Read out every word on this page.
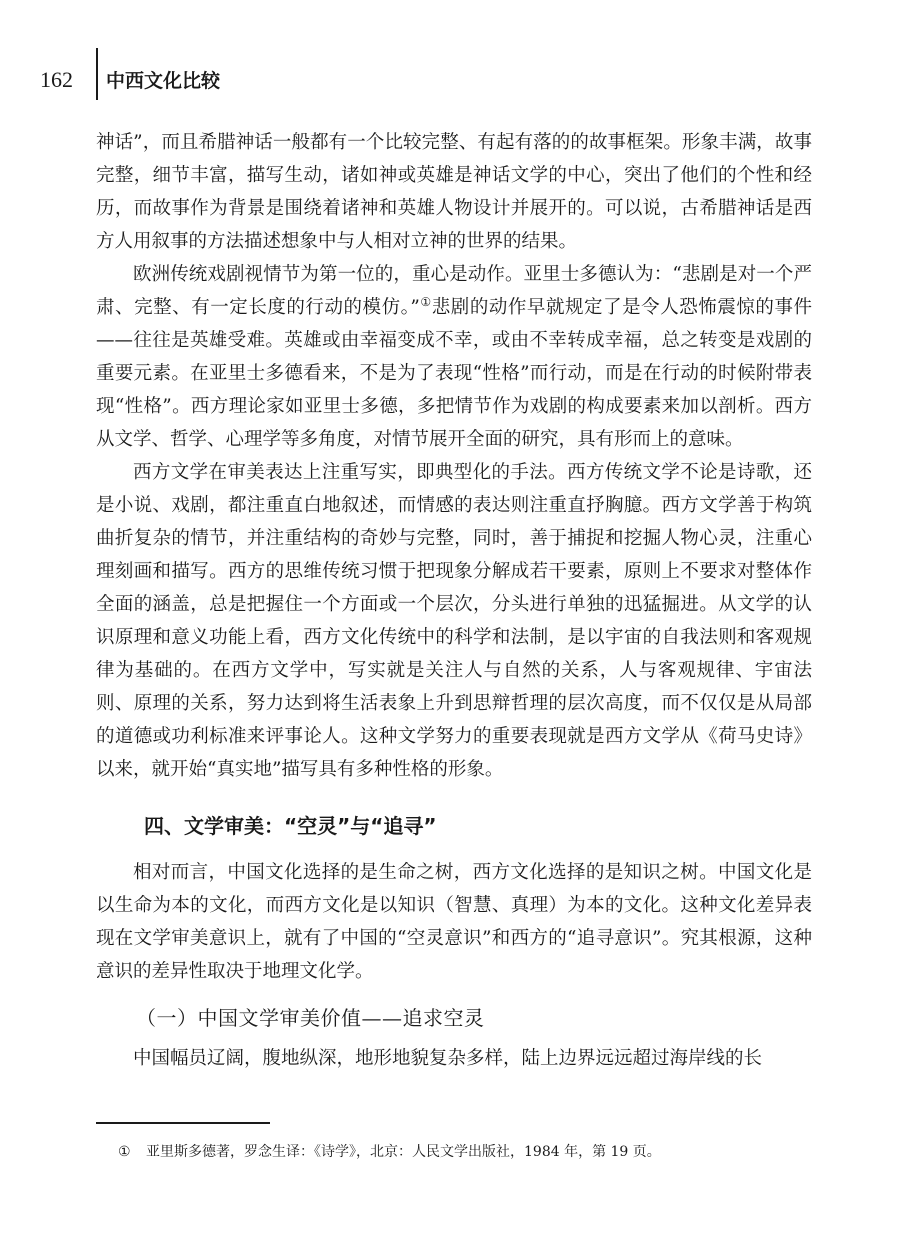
162 中西文化比较

神话”，而且希腊神话一般都有一个比较完整、有起有落的的故事框架。形象丰满，故事完整，细节丰富，描写生动，诸如神或英雄是神话文学的中心，突出了他们的个性和经历，而故事作为背景是围绕着诸神和英雄人物设计并展开的。可以说，古希腊神话是西方人用叙事的方法描述想象中与人相对立神的世界的结果。

欧洲传统戏剧视情节为第一位的，重心是动作。亚里士多德认为：“悲剧是对一个严肃、完整、有一定长度的行动的模仿。”①悲剧的动作早就规定了是令人恐怖震惊的事件——往往是英雄受难。英雄或由幸福变成不幸，或由不幸转成幸福，总之转变是戏剧的重要元素。在亚里士多德看来，不是为了表现“性格”而行动，而是在行动的时候附带表现“性格”。西方理论家如亚里士多德，多把情节作为戏剧的构成要素来加以剖析。西方从文学、哲学、心理学等多角度，对情节展开全面的研究，具有形而上的意味。

西方文学在审美表达上注重写实，即典型化的手法。西方传统文学不论是诗歌，还是小说、戏剧，都注重直白地叙述，而情感的表达则注重直抒胸臆。西方文学善于构筑曲折复杂的情节，并注重结构的奇妙与完整，同时，善于捕捉和挖掘人物心灵，注重心理刻画和描写。西方的思维传统习惯于把现象分解成若干要素，原则上不要求对整体作全面的涵盖，总是把握住一个方面或一个层次，分头进行单独的迅猛掘进。从文学的认识原理和意义功能上看，西方文化传统中的科学和法制，是以宇宙的自我法则和客观规律为基础的。在西方文学中，写实就是关注人与自然的关系，人与客观规律、宇宙法则、原理的关系，努力达到将生活表象上升到思辩哲理的层次高度，而不仅仅是从局部的道德或功利标准来评事论人。这种文学努力的重要表现就是西方文学从《荷马史诗》以来，就开始“真实地”描写具有多种性格的形象。

四、文学审美：“空灵”与“追寻”

相对而言，中国文化选择的是生命之树，西方文化选择的是知识之树。中国文化是以生命为本的文化，而西方文化是以知识（智慧、真理）为本的文化。这种文化差异表现在文学审美意识上，就有了中国的“空灵意识”和西方的“追寻意识”。究其根源，这种意识的差异性取决于地理文化学。

（一）中国文学审美价值——追求空灵

中国幅员辽阔，腹地纵深，地形地貌复杂多样，陆上边界远远超过海岸线的长

① 亚里斯多德著，罗念生译：《诗学》，北京：人民文学出版社，1984 年，第 19 页。
